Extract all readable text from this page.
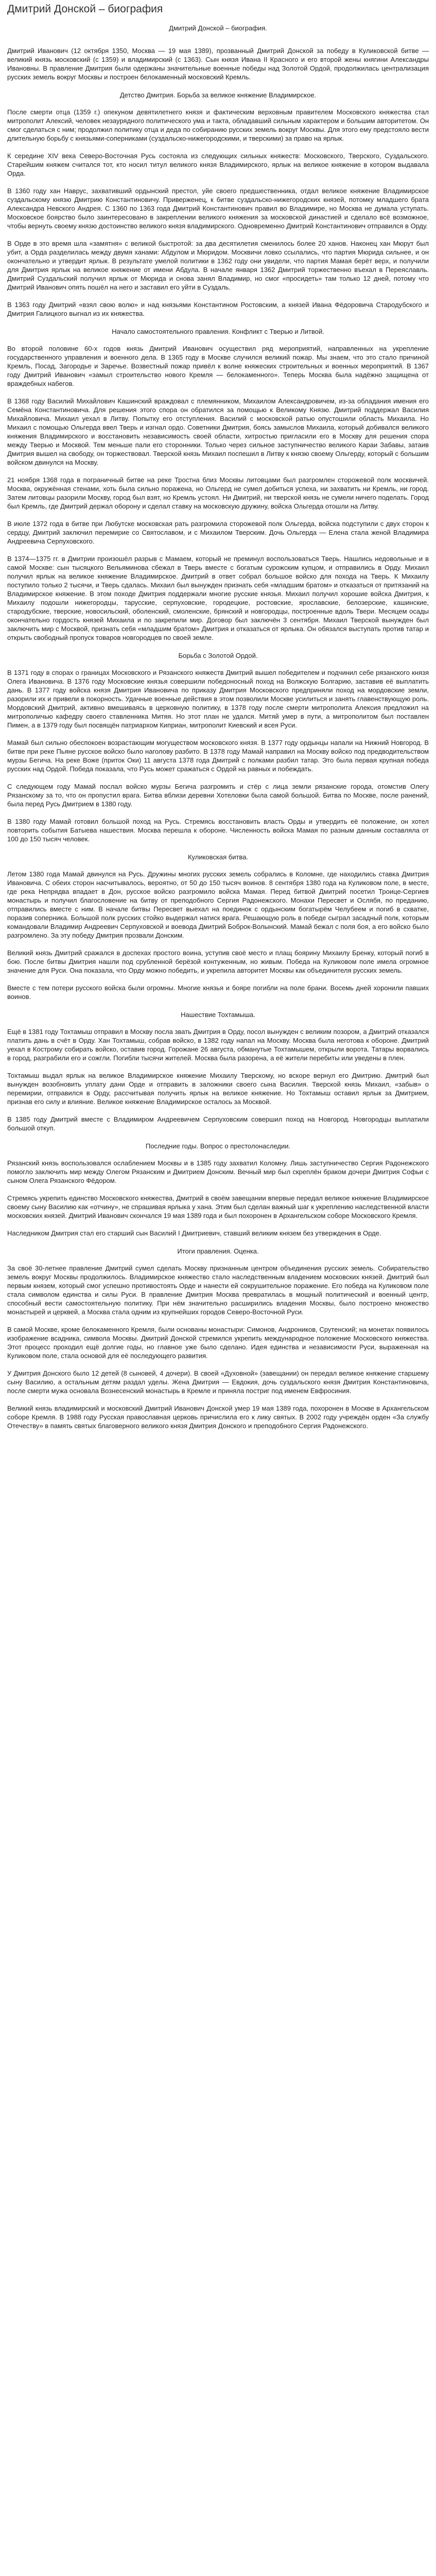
Дмитрий Донской – биография

Дмитрий Донской – биография.

Дмитрий Иванович (12 октября 1350, Москва — 19 мая 1389), прозванный Дмитрий Донской за победу в Куликовской битве — великий князь московский (с 1359) и владимирский (с 1363). Сын князя Ивана II Красного и его второй жены княгини Александры Ивановны. В правление Дмитрия были одержаны значительные военные победы над Золотой Ордой, продолжилась централизация русских земель вокруг Москвы и построен белокаменный московский Кремль.

Детство Дмитрия. Борьба за великое княжение Владимирское.

После смерти отца (1359 г.) опекуном девятилетнего князя и фактическим верховным правителем Московского княжества стал митрополит Алексий, человек незаурядного политического ума и такта, обладавший сильным характером и большим авторитетом. Он смог сделаться с ним; продолжил политику отца и деда по собиранию русских земель вокруг Москвы. Для этого ему предстояло вести длительную борьбу с князьями-соперниками (суздальско-нижегородскими, и тверскими) за право на ярлык.

К середине XIV века Северо-Восточная Русь состояла из следующих сильных княжеств: Московского, Тверского, Суздальского. Старейшим княжем считался тот, кто носил титул великого князя Владимирского, ярлык на великое княжение в котором выдавала Орда.

В 1360 году хан Наврус, захвативший ордынский престол, уйе своего предшественника, отдал великое княжение Владимирское суздальскому князю Дмитрию Константиновичу. Приверженец, к битве суздальско-нижегородских князей, потомку младшего брата Александра Невского Андрея. С 1360 по 1363 года Дмитрий Константинович правил во Владимире, но Москва не думала уступать. Московское боярство было заинтересовано в закреплении великого княжения за московской династией и сделало всё возможное, чтобы вернуть своему князю достоинство великого князя владимирского. Одновременно Дмитрий Константинович отправился в Орду.

В Орде в это время шла «замятня» с великой быстротой: за два десятилетия сменилось более 20 ханов. Наконец хан Мюрут был убит, а Орда разделилась между двумя ханами: Абдулом и Мюридом. Москвичи ловко ссылались, что партия Мюрида сильнее, и он окончательно и утвердит ярлык. В результате умелой политики в 1362 году они увидели, что партия Мамая берёт верх, и получили для Дмитрия ярлык на великое княжение от имени Абдула. В начале января 1362 Дмитрий торжественно въехал в Переяславль. Дмитрий Суздальский получил ярлык от Мюрида и снова занял Владимир, но смог «просидеть» там только 12 дней, потому что Дмитрий Иванович опять пошёл на него и заставил его уйти в Суздаль.

В 1363 году Дмитрий «взял свою волю» и над князьями Константином Ростовским, а князей Ивана Фёдоровича Стародубского и Дмитрия Галицкого выгнал из их княжества.

Начало самостоятельного правления. Конфликт с Тверью и Литвой.

Во второй половине 60-х годов князь Дмитрий Иванович осуществил ряд мероприятий, направленных на укрепление государственного управления и военного дела. В 1365 году в Москве случился великий пожар. Мы знаем, что это стало причиной Кремль, Посад, Загородье и Заречье. Возвестный пожар привёл к волне княжеских строительных и военных мероприятий. В 1367 году Дмитрий Иванович «замыл строительство нового Кремля — белокаменного». Теперь Москва была надёжно защищена от враждебных набегов.

В 1368 году Василий Михайлович Кашинский враждовал с племянником, Михаилом Александровичем, из-за обладания имения его Семёна Константиновича. Для решения этого спора он обратился за помощью к Великому Князю. Дмитрий поддержал Василия Михайловича. Михаил уехал в Литву. Попытку его отступления. Василий с московской ратью опустошили область Михаила. Но Михаил с помощью Ольгерда ввел Тверь и изгнал ордо. Советники Дмитрия, боясь замыслов Михаила, который добивался великого княжения Владимирского и восстановить независимость своей области, хитростью пригласили его в Москву для решения спора между Тверью и Москвой. Тем меньше пали его сторонники. Только через сильное заступничество великого Караи Забавы, затаив Дмитрия вышел на свободу, он торжествовал. Тверской князь Михаил поспешил в Литву к князю своему Ольгерду, который с большим войском двинулся на Москву.

21 ноября 1368 года в пограничный битве на реке Тростна близ Москвы литовцами был разгромлен сторожевой полк москвичей. Москва, окружённая стенами, хоть была сильно поражена, но Ольгерд не сумел добиться успеха, ни захватить ни Кремль, ни город. Затем литовцы разорили Москву, город был взят, но Кремль устоял. Ни Дмитрий, ни тверской князь не сумели ничего поделать. Город был Кремль, где Дмитрий держал оборону и сделал ставку на московскую дружину, войска Ольгерда отошли на Литву.

В июле 1372 года в битве при Любутске московская рать разгромила сторожевой полк Ольгерда, войска подступили с двух сторон к сердцу, Дмитрий заключил перемирие со Святославом, и с Михаилом Тверским. Дочь Ольгерда — Елена стала женой Владимира Андреевича Серпуховского.

В 1374—1375 гг. в Дмитрии произошёл разрыв с Мамаем, который не преминул воспользоваться Тверь. Нашлись недовольные и в самой Москве: сын тысяцкого Вельяминова сбежал в Тверь вместе с богатым сурожским купцом, и отправились в Орду. Михаил получил ярлык на великое княжение Владимирское. Дмитрий в ответ собрал большое войско для похода на Тверь. К Михаилу поступило только 2 тысячи, и Тверь сдалась. Михаил был вынужден признать себя «младшим братом» и отказаться от притязаний на Владимирское княжение. В этом походе Дмитрия поддержали многие русские князья. Михаил получил хорошие войска Дмитрия, к Михаилу подошли нижегородцы, тарусские, серпуховские, городецкие, ростовские, ярославские, белозерские, кашинские, стародубские, тверские, новосильский, оболенский, смоленские, брянский и новгородцы, построенные вдоль Твери. Месяцем осады окончательно гордость князей Михаила и по закрепили мир. Договор был заключён 3 сентября. Михаил Тверской вынужден был заключить мир с Москвой, признать себя «младшим братом» Дмитрия и отказаться от ярлыка. Он обязался выступать против татар и открыть свободный пропуск товаров новгородцев по своей земле.

Борьба с Золотой Ордой.

В 1371 году в спорах о границах Московского и Рязанского княжеств Дмитрий вышел победителем и подчинил себе рязанского князя Олега Ивановича. В 1376 году Московские князья совершили победоносный поход на Волжскую Болгарию, заставив её выплатить дань. В 1377 году войска князя Дмитрия Ивановича по приказу Дмитрия Московского предприняли поход на мордовские земли, разорили их и привели в покорность. Удачные военные действия в этом позволили Москве усилиться и занять главенствующую роль. Мордовский Дмитрий, активно вмешиваясь в церковную политику, в 1378 году после смерти митрополита Алексия предложил на митрополичью кафедру своего ставленника Митяя. Но этот план не удался. Митяй умер в пути, а митрополитом был поставлен Пимен, а в 1379 году был посвящён патриархом Киприан, митрополит Киевский и всея Руси.

Мамай был сильно обеспокоен возрастающим могуществом московского князя. В 1377 году ордынцы напали на Нижний Новгород. В битве при реке Пьяне русское войско было наголову разбито. В 1378 году Мамай направил на Москву войско под предводительством мурзы Бегича. На реке Воже (приток Оки) 11 августа 1378 года Дмитрий с полками разбил татар. Это была первая крупная победа русских над Ордой. Победа показала, что Русь может сражаться с Ордой на равных и побеждать.

С следующем году Мамай послал войско мурзы Бегича разгромить и стёр с лица земли рязанские города, отомстив Олегу Рязанскому за то, что он пропустил врага. Битва вблизи деревни Хотеловки была самой большой. Битва по Москве, после ранений, была перед Русь Дмитрием в 1380 году.

В 1380 году Мамай готовил большой поход на Русь. Стремясь восстановить власть Орды и утвердить её положение, он хотел повторить события Батыева нашествия. Москва перешла к обороне. Численность войска Мамая по разным данным составляла от 100 до 150 тысяч человек.

Куликовская битва.

Летом 1380 года Мамай двинулся на Русь. Дружины многих русских земель собрались в Коломне, где находились ставка Дмитрия Ивановича. С обеих сторон насчитывалось, вероятно, от 50 до 150 тысяч воинов. 8 сентября 1380 года на Куликовом поле, в месте, где река Непрядва впадает в Дон, русское войско разгромило войска Мамая. Перед битвой Дмитрий посетил Троице-Сергиев монастырь и получил благословение на битву от преподобного Сергия Радонежского. Монахи Пересвет и Ослябя, по преданию, отправились вместе с ним. В начале битвы Пересвет выехал на поединок с ордынским богатырём Челубеем и погиб в схватке, поразив соперника. Большой полк русских стойко выдержал натиск врага. Решающую роль в победе сыграл засадный полк, которым командовали Владимир Андреевич Серпуховской и воевода Дмитрий Боброк-Волынский. Мамай бежал с поля боя, а его войско было разгромлено. За эту победу Дмитрия прозвали Донским.

Великий князь Дмитрий сражался в доспехах простого воина, уступив своё место и плащ боярину Михаилу Бренку, который погиб в бою. После битвы Дмитрия нашли под срубленной берёзой контуженным, но живым. Победа на Куликовом поле имела огромное значение для Руси. Она показала, что Орду можно победить, и укрепила авторитет Москвы как объединителя русских земель.

Вместе с тем потери русского войска были огромны. Многие князья и бояре погибли на поле брани. Восемь дней хоронили павших воинов.

Нашествие Тохтамыша.

Ещё в 1381 году Тохтамыш отправил в Москву посла звать Дмитрия в Орду, посол вынужден с великим позором, а Дмитрий отказался платить дань в счёт в Орду. Хан Тохтамыш, собрав войско, в 1382 году напал на Москву. Москва была неготова к обороне. Дмитрий уехал в Кострому собирать войско, оставив город. Горожане 26 августа, обманутые Тохтамышем, открыли ворота. Татары ворвались в город, разграбили его и сожгли. Погибли тысячи жителей. Москва была разорена, а её жители перебиты или уведены в плен.

Тохтамыш выдал ярлык на великое Владимирское княжение Михаилу Тверскому, но вскоре вернул его Дмитрию. Дмитрий был вынужден возобновить уплату дани Орде и отправить в заложники своего сына Василия. Тверской князь Михаил, «забыв» о перемирии, отправился в Орду, рассчитывая получить ярлык на великое княжение. Но Тохтамыш оставил ярлык за Дмитрием, признав его силу и влияние. Великое княжение Владимирское осталось за Москвой.

В 1385 году Дмитрий вместе с Владимиром Андреевичем Серпуховским совершил поход на Новгород. Новгородцы выплатили большой откуп.

Последние годы. Вопрос о престолонаследии.

Рязанский князь воспользовался ослаблением Москвы и в 1385 году захватил Коломну. Лишь заступничество Сергия Радонежского помогло заключить мир между Олегом Рязанским и Дмитрием Донским. Вечный мир был скреплён браком дочери Дмитрия Софьи с сыном Олега Рязанского Фёдором.

Стремясь укрепить единство Московского княжества, Дмитрий в своём завещании впервые передал великое княжение Владимирское своему сыну Василию как «отчину», не спрашивая ярлыка у хана. Этим был сделан важный шаг к укреплению наследственной власти московских князей. Дмитрий Иванович скончался 19 мая 1389 года и был похоронен в Архангельском соборе Московского Кремля.

Наследником Дмитрия стал его старший сын Василий I Дмитриевич, ставший великим князем без утверждения в Орде.

Итоги правления. Оценка.

За своё 30-летнее правление Дмитрий сумел сделать Москву признанным центром объединения русских земель. Собирательство земель вокруг Москвы продолжилось. Владимирское княжество стало наследственным владением московских князей. Дмитрий был первым князем, который смог успешно противостоять Орде и нанести ей сокрушительное поражение. Его победа на Куликовом поле стала символом единства и силы Руси. В правление Дмитрия Москва превратилась в мощный политический и военный центр, способный вести самостоятельную политику. При нём значительно расширились владения Москвы, было построено множество монастырей и церквей, а Москва стала одним из крупнейших городов Северо-Восточной Руси.

В самой Москве, кроме белокаменного Кремля, были основаны монастыри: Симонов, Андроников, Срутенский; на монетах появилось изображение всадника, символа Москвы. Дмитрий Донской стремился укрепить международное положение Московского княжества. Этот процесс проходил ещё долгие годы, но главное уже было сделано. Идея единства и независимости Руси, выраженная на Куликовом поле, стала основой для её последующего развития.

У Дмитрия Донского было 12 детей (8 сыновей, 4 дочери). В своей «Духовной» (завещании) он передал великое княжение старшему сыну Василию, а остальным детям раздал уделы. Жена Дмитрия — Евдокия, дочь суздальского князя Дмитрия Константиновича, после смерти мужа основала Вознесенский монастырь в Кремле и приняла постриг под именем Евфросиния.

Великий князь владимирский и московский Дмитрий Иванович Донской умер 19 мая 1389 года, похоронен в Москве в Архангельском соборе Кремля. В 1988 году Русская православная церковь причислила его к лику святых. В 2002 году учреждён орден «За службу Отечеству» в память святых благоверного великого князя Дмитрия Донского и преподобного Сергия Радонежского.
